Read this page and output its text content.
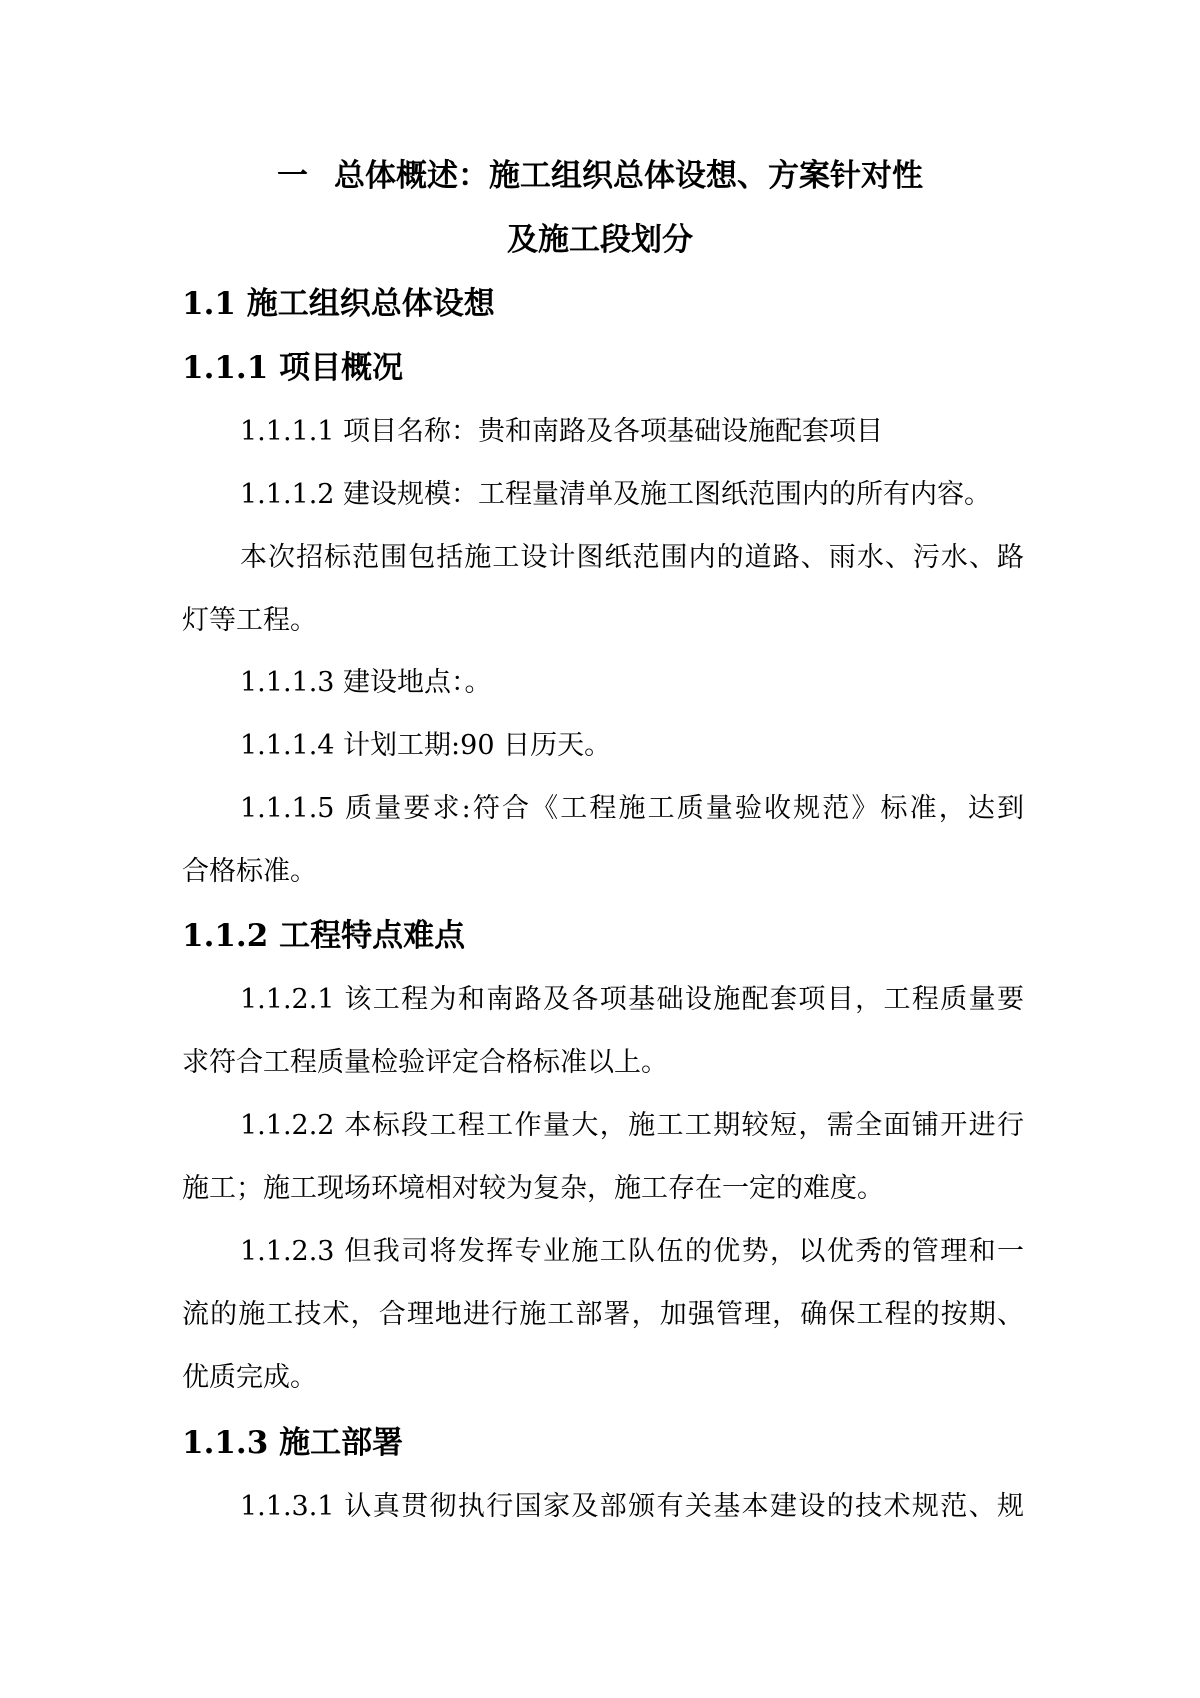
一 总体概述：施工组织总体设想、方案针对性
及施工段划分
1.1 施工组织总体设想
1.1.1 项目概况
1.1.1.1 项目名称：贵和南路及各项基础设施配套项目
1.1.1.2 建设规模：工程量清单及施工图纸范围内的所有内容。
本次招标范围包括施工设计图纸范围内的道路、雨水、污水、路
灯等工程。
1.1.1.3 建设地点：。
1.1.1.4 计划工期:90 日历天。
1.1.1.5 质量要求:符合《工程施工质量验收规范》标准，达到
合格标准。
1.1.2 工程特点难点
1.1.2.1 该工程为和南路及各项基础设施配套项目，工程质量要
求符合工程质量检验评定合格标准以上。
1.1.2.2 本标段工程工作量大，施工工期较短，需全面铺开进行
施工；施工现场环境相对较为复杂，施工存在一定的难度。
1.1.2.3 但我司将发挥专业施工队伍的优势，以优秀的管理和一
流的施工技术，合理地进行施工部署，加强管理，确保工程的按期、
优质完成。
1.1.3 施工部署
1.1.3.1 认真贯彻执行国家及部颁有关基本建设的技术规范、规
